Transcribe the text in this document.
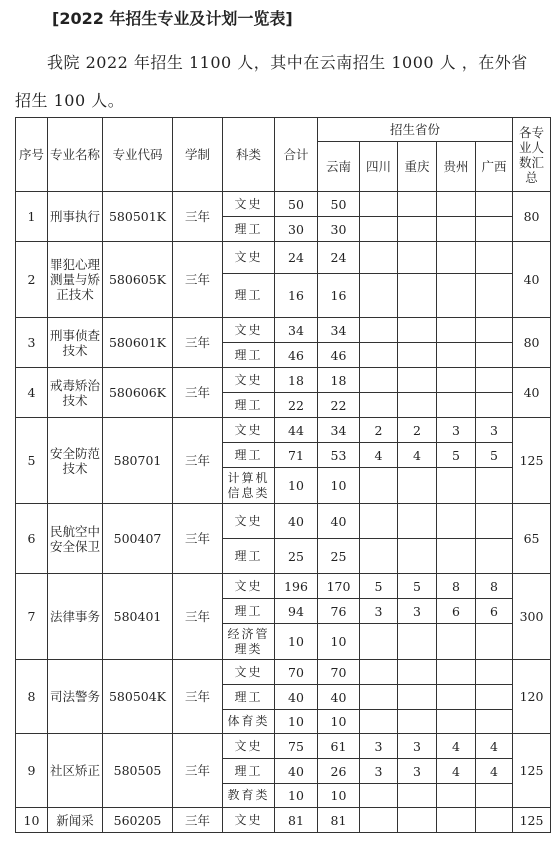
[2022 年招生专业及计划一览表]
我院 2022 年招生 1100 人，其中在云南招生 1000 人 ，在外省招生 100 人。
序号	专业名称	专业代码	学制	科类	合计	招生省份					各专业人数汇总
						云南	四川	重庆	贵州	广西	
1	刑事执行	580501K	三年	文史	50	50					80
				理工	30	30					
2	罪犯心理测量与矫正技术	580605K	三年	文史	24	24					40
				理工	16	16					
3	刑事侦查技术	580601K	三年	文史	34	34					80
				理工	46	46					
4	戒毒矫治技术	580606K	三年	文史	18	18					40
				理工	22	22					
5	安全防范技术	580701	三年	文史	44	34	2	2	3	3	125
				理工	71	53	4	4	5	5	
				计算机信息类	10	10					
6	民航空中安全保卫	500407	三年	文史	40	40					65
				理工	25	25					
7	法律事务	580401	三年	文史	196	170	5	5	8	8	300
				理工	94	76	3	3	6	6	
				经济管理类	10	10					
8	司法警务	580504K	三年	文史	70	70					120
				理工	40	40					
				体育类	10	10					
9	社区矫正	580505	三年	文史	75	61	3	3	4	4	125
				理工	40	26	3	3	4	4	
				教育类	10	10					
10	新闻采	560205	三年	文史	81	81					125
